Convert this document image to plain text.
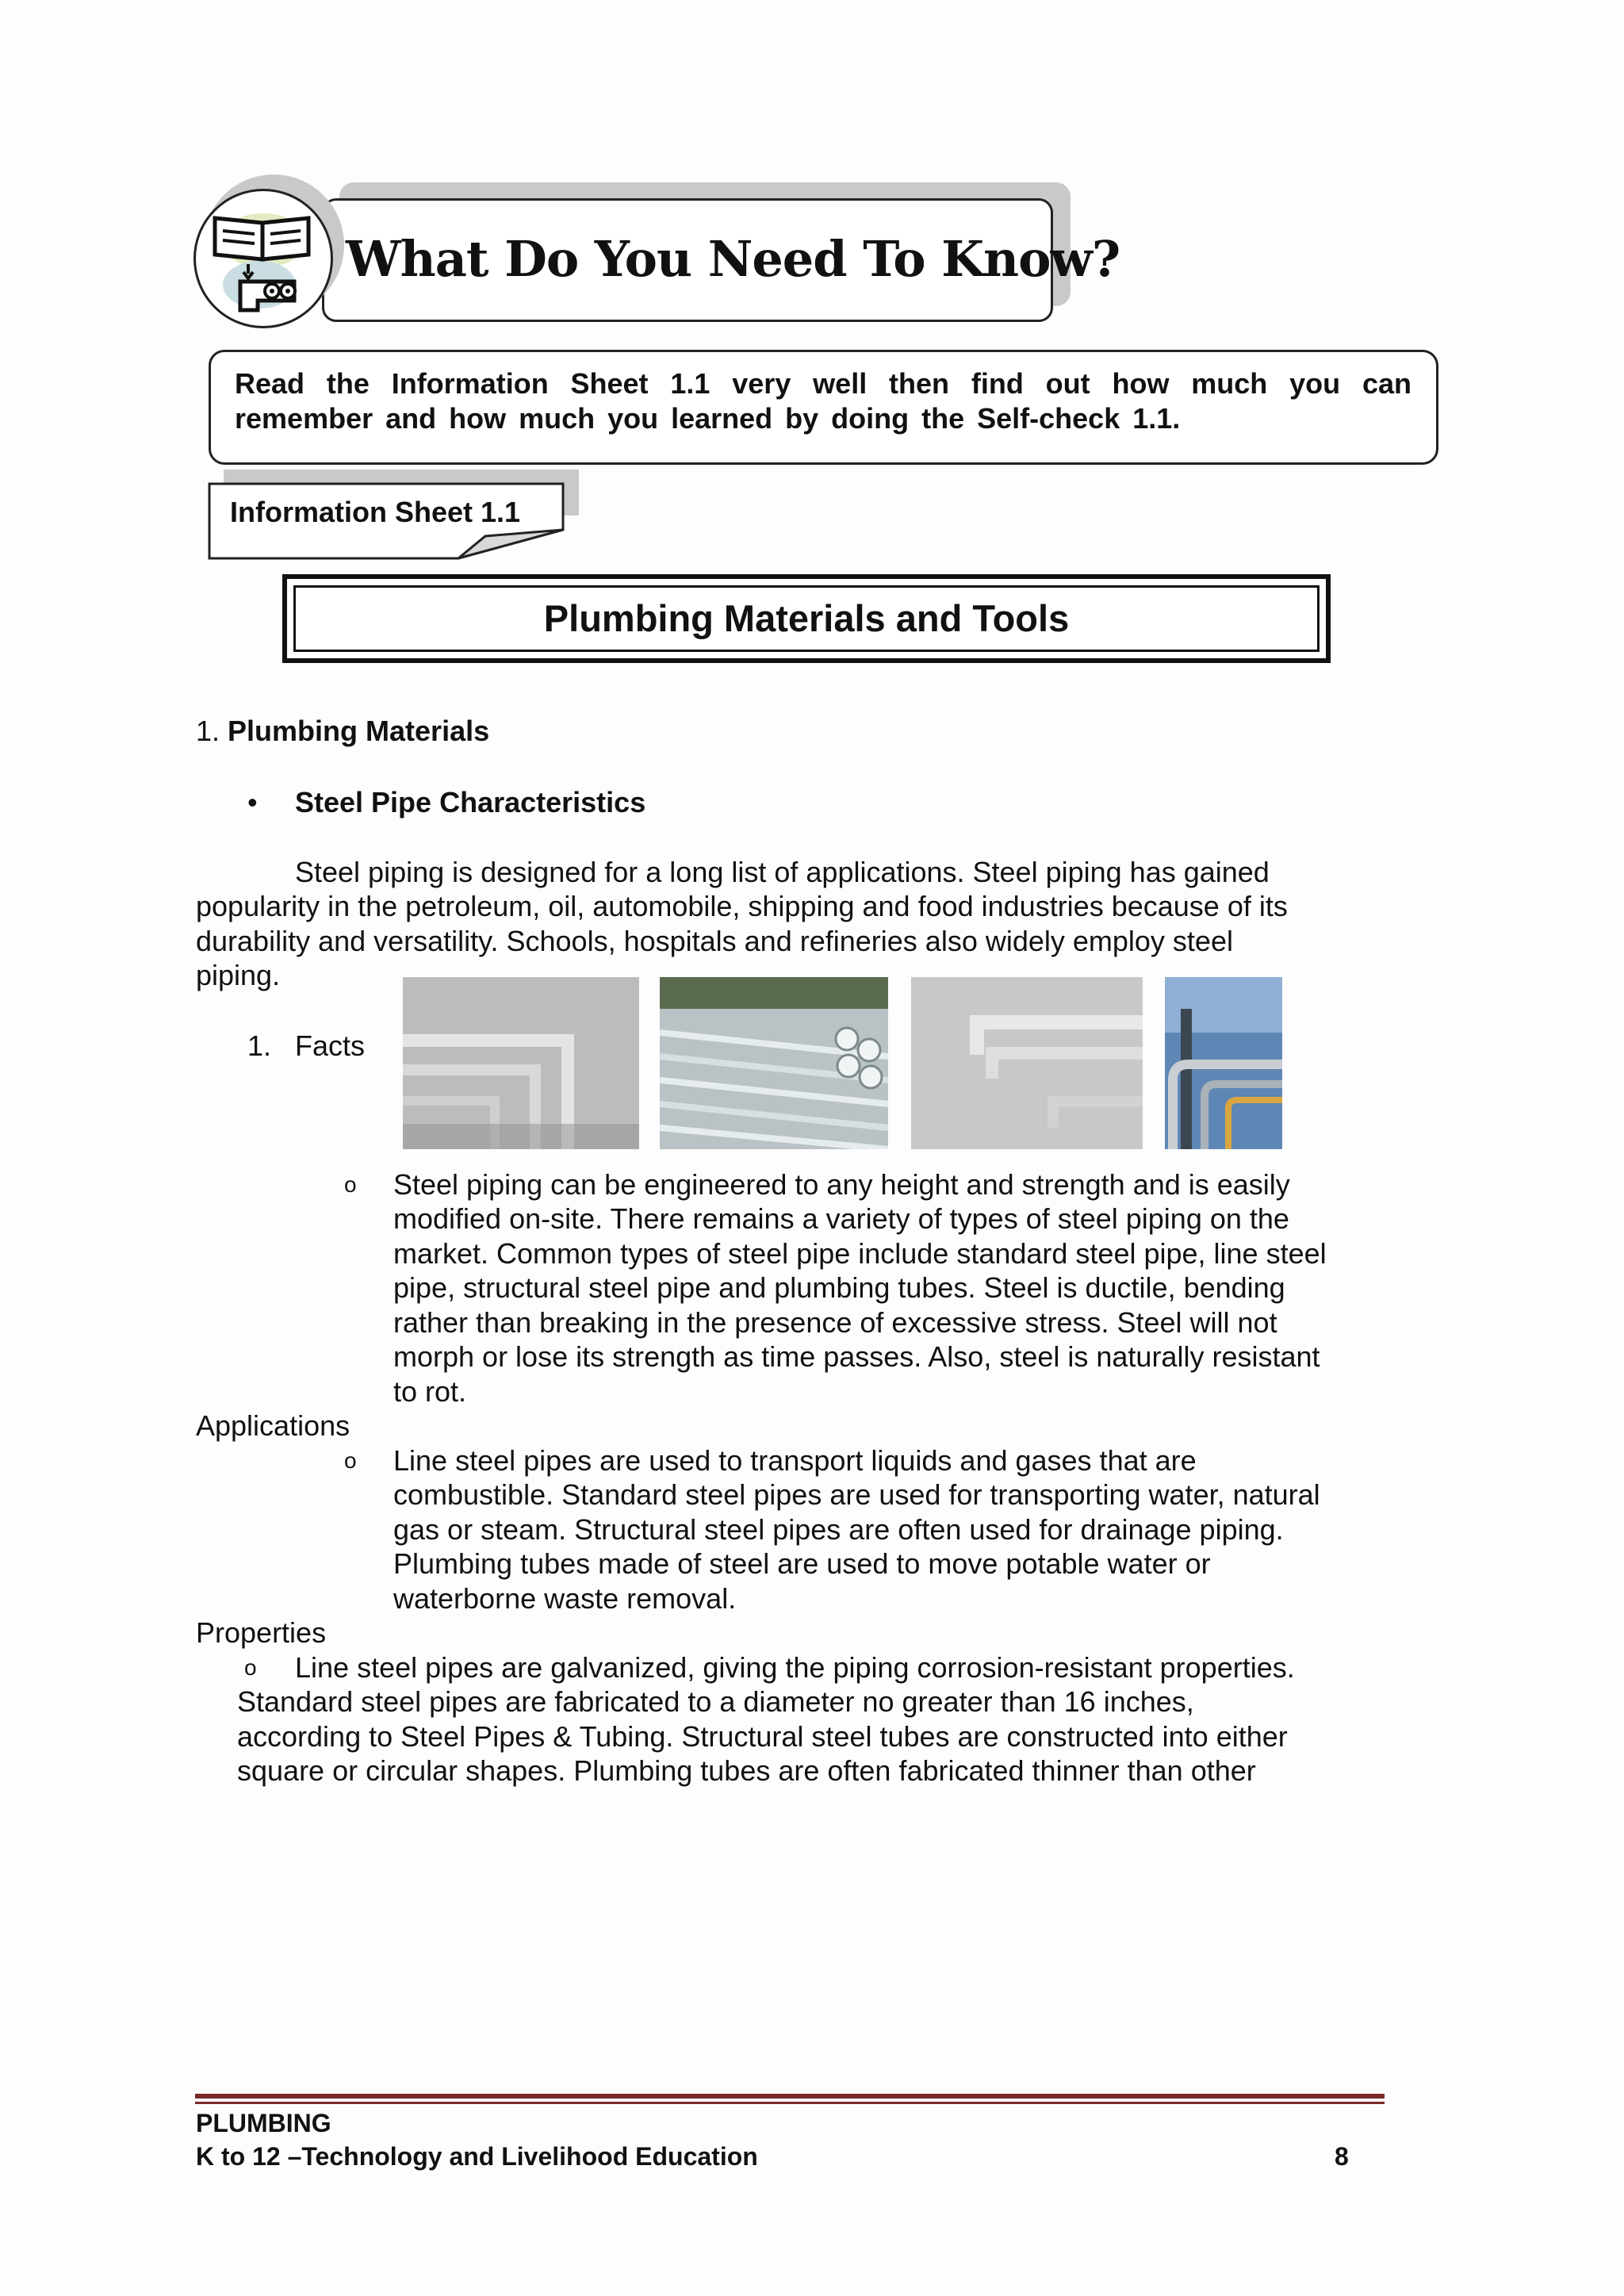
What Do You Need To Know?
Read the Information Sheet 1.1 very well then find out how much you can remember and how much you learned by doing the Self-check 1.1.
Information Sheet 1.1
Plumbing Materials and Tools
1. Plumbing Materials
• Steel Pipe Characteristics
Steel piping is designed for a long list of applications. Steel piping has gained
popularity in the petroleum, oil, automobile, shipping and food industries because of its
durability and versatility. Schools, hospitals and refineries also widely employ steel
piping.
1. Facts
o Steel piping can be engineered to any height and strength and is easily
modified on-site. There remains a variety of types of steel piping on the
market. Common types of steel pipe include standard steel pipe, line steel
pipe, structural steel pipe and plumbing tubes. Steel is ductile, bending
rather than breaking in the presence of excessive stress. Steel will not
morph or lose its strength as time passes. Also, steel is naturally resistant
to rot.
Applications
o Line steel pipes are used to transport liquids and gases that are
combustible. Standard steel pipes are used for transporting water, natural
gas or steam. Structural steel pipes are often used for drainage piping.
Plumbing tubes made of steel are used to move potable water or
waterborne waste removal.
Properties
o Line steel pipes are galvanized, giving the piping corrosion-resistant properties.
Standard steel pipes are fabricated to a diameter no greater than 16 inches,
according to Steel Pipes & Tubing. Structural steel tubes are constructed into either
square or circular shapes. Plumbing tubes are often fabricated thinner than other
PLUMBING
K to 12 –Technology and Livelihood Education	8
